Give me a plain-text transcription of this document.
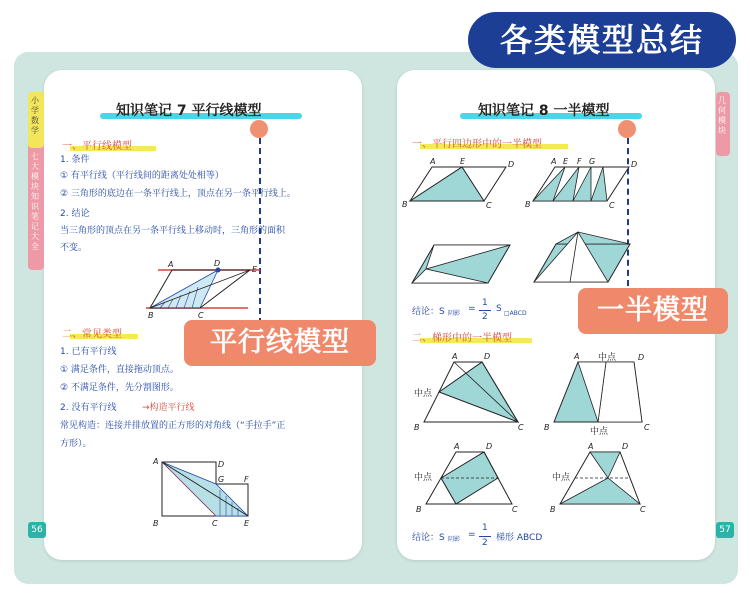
各类模型总结
小学数学
七大模块知识笔记大全
知识笔记 7 平行线模型
一、平行线模型
1. 条件
① 有平行线（平行线间的距离处处相等）
② 三角形的底边在一条平行线上，顶点在另一条平行线上。
2. 结论
当三角形的顶点在另一条平行线上移动时，三角形的面积
不变。
A	D
E
B	C
二、常见类型
1. 已有平行线
① 满足条件，直接拖动顶点。
② 不满足条件，先分割图形。
2. 没有平行线	→构造平行线
常见构造：连接并排放置的正方形的对角线（“手拉手”正
方形）。
A	D
G F
B	C	E
平行线模型
56
几何模块
知识笔记 8 一半模型
一、平行四边形中的一半模型
A	E	D
B	C
A E F G	D
B	C
结论：S 阴影 =
1
2
S □ABCD
二、梯形中的一半模型
A	D
B	C
中点
A	D
B	C
中点
中点
A	D
B	C
中点
A	D
B	C
中点
结论：S 阴影 =
1
2 梯形 ABCD
一半模型
57
